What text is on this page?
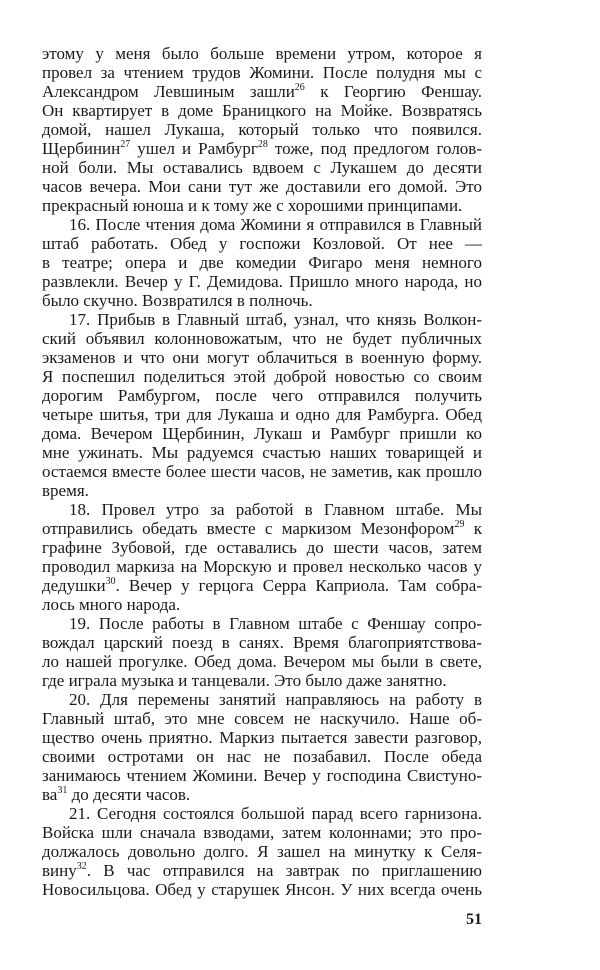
этому у меня было больше времени утром, которое я
провел за чтением трудов Жомини. После полудня мы с
Александром Левшиным зашли$^{26}$ к Георгию Феншау.
Он квартирует в доме Браницкого на Мойке. Возвратясь
домой, нашел Лукаша, который только что появился.
Щербинин$^{27}$ ушел и Рамбург$^{28}$ тоже, под предлогом голов-
ной боли. Мы оставались вдвоем с Лукашем до десяти
часов вечера. Мои сани тут же доставили его домой. Это
прекрасный юноша и к тому же с хорошими принципами.
16. После чтения дома Жомини я отправился в Главный
штаб работать. Обед у госпожи Козловой. От нее —
в театре; опера и две комедии Фигаро меня немного
развлекли. Вечер у Г. Демидова. Пришло много народа, но
было скучно. Возвратился в полночь.
17. Прибыв в Главный штаб, узнал, что князь Волкон-
ский объявил колонновожатым, что не будет публичных
экзаменов и что они могут облачиться в военную форму.
Я поспешил поделиться этой доброй новостью со своим
дорогим Рамбургом, после чего отправился получить
четыре шитья, три для Лукаша и одно для Рамбурга. Обед
дома. Вечером Щербинин, Лукаш и Рамбург пришли ко
мне ужинать. Мы радуемся счастью наших товарищей и
остаемся вместе более шести часов, не заметив, как прошло
время.
18. Провел утро за работой в Главном штабе. Мы
отправились обедать вместе с маркизом Мезонфором$^{29}$ к
графине Зубовой, где оставались до шести часов, затем
проводил маркиза на Морскую и провел несколько часов у
дедушки$^{30}$. Вечер у герцога Серра Каприола. Там собра-
лось много народа.
19. После работы в Главном штабе с Феншау сопро-
вождал царский поезд в санях. Время благоприятствова-
ло нашей прогулке. Обед дома. Вечером мы были в свете,
где играла музыка и танцевали. Это было даже занятно.
20. Для перемены занятий направляюсь на работу в
Главный штаб, это мне совсем не наскучило. Наше об-
щество очень приятно. Маркиз пытается завести разговор,
своими остротами он нас не позабавил. После обеда
занимаюсь чтением Жомини. Вечер у господина Свистуно-
$ва^{31}$ до десяти часов.
21. Сегодня состоялся большой парад всего гарнизона.
Войска шли сначала взводами, затем колоннами; это про-
должалось довольно долго. Я зашел на минутку к Селя-
вину$^{32}$. В час отправился на завтрак по приглашению
Новосильцова. Обед у старушек Янсон. У них всегда очень
51
